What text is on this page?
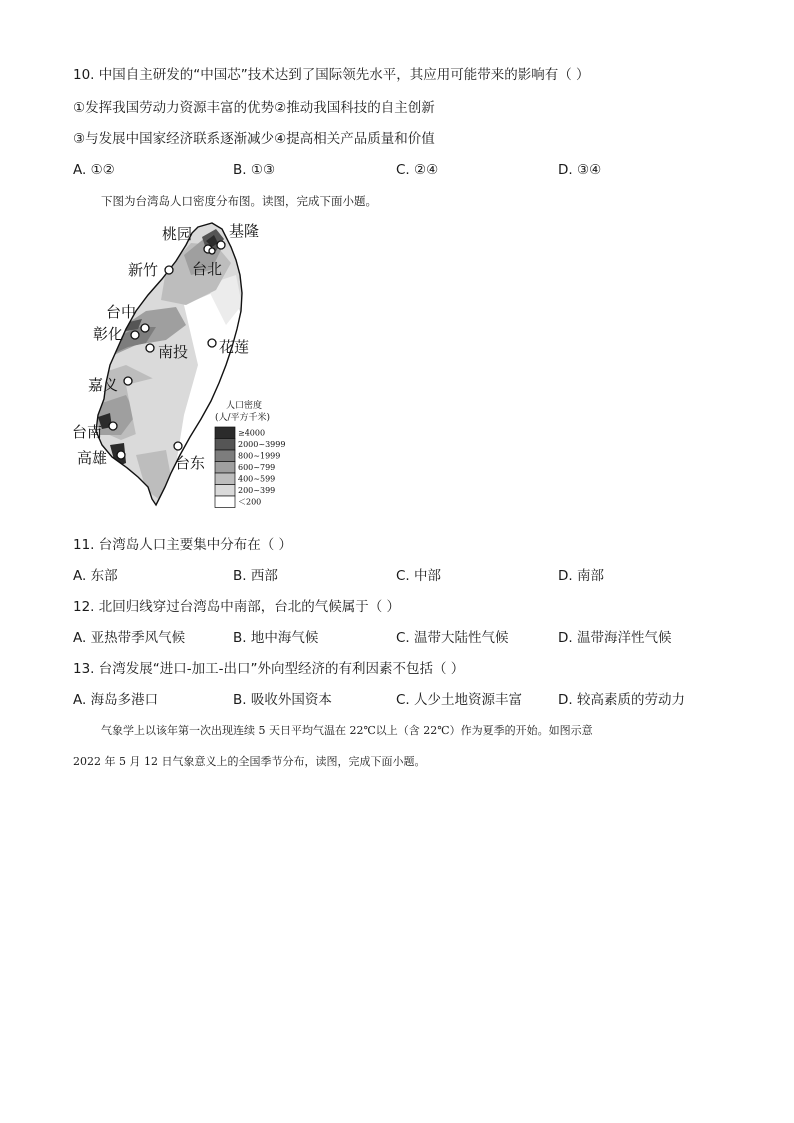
10. 中国自主研发的“中国芯”技术达到了国际领先水平，其应用可能带来的影响有（ ）
①发挥我国劳动力资源丰富的优势②推动我国科技的自主创新
③与发展中国家经济联系逐渐减少④提高相关产品质量和价值
A. ①②	B. ①③	C. ②④	D. ③④
下图为台湾岛人口密度分布图。读图，完成下面小题。
桃园 基隆
新竹 台北
台中
彰化
南投 花莲
嘉义
台南
高雄	台东
人口密度
(人/平方千米)
≥4000
2000~3999
800~1999
600~799
400~599
200~399
＜200
11. 台湾岛人口主要集中分布在（ ）
A. 东部	B. 西部	C. 中部	D. 南部
12. 北回归线穿过台湾岛中南部，台北的气候属于（ ）
A. 亚热带季风气候	B. 地中海气候	C. 温带大陆性气候	D. 温带海洋性气候
13. 台湾发展“进口-加工-出口”外向型经济的有利因素不包括（ ）
A. 海岛多港口	B. 吸收外国资本	C. 人少土地资源丰富	D. 较高素质的劳动力
气象学上以该年第一次出现连续 5 天日平均气温在 22℃以上（含 22℃）作为夏季的开始。如图示意
2022 年 5 月 12 日气象意义上的全国季节分布，读图，完成下面小题。
